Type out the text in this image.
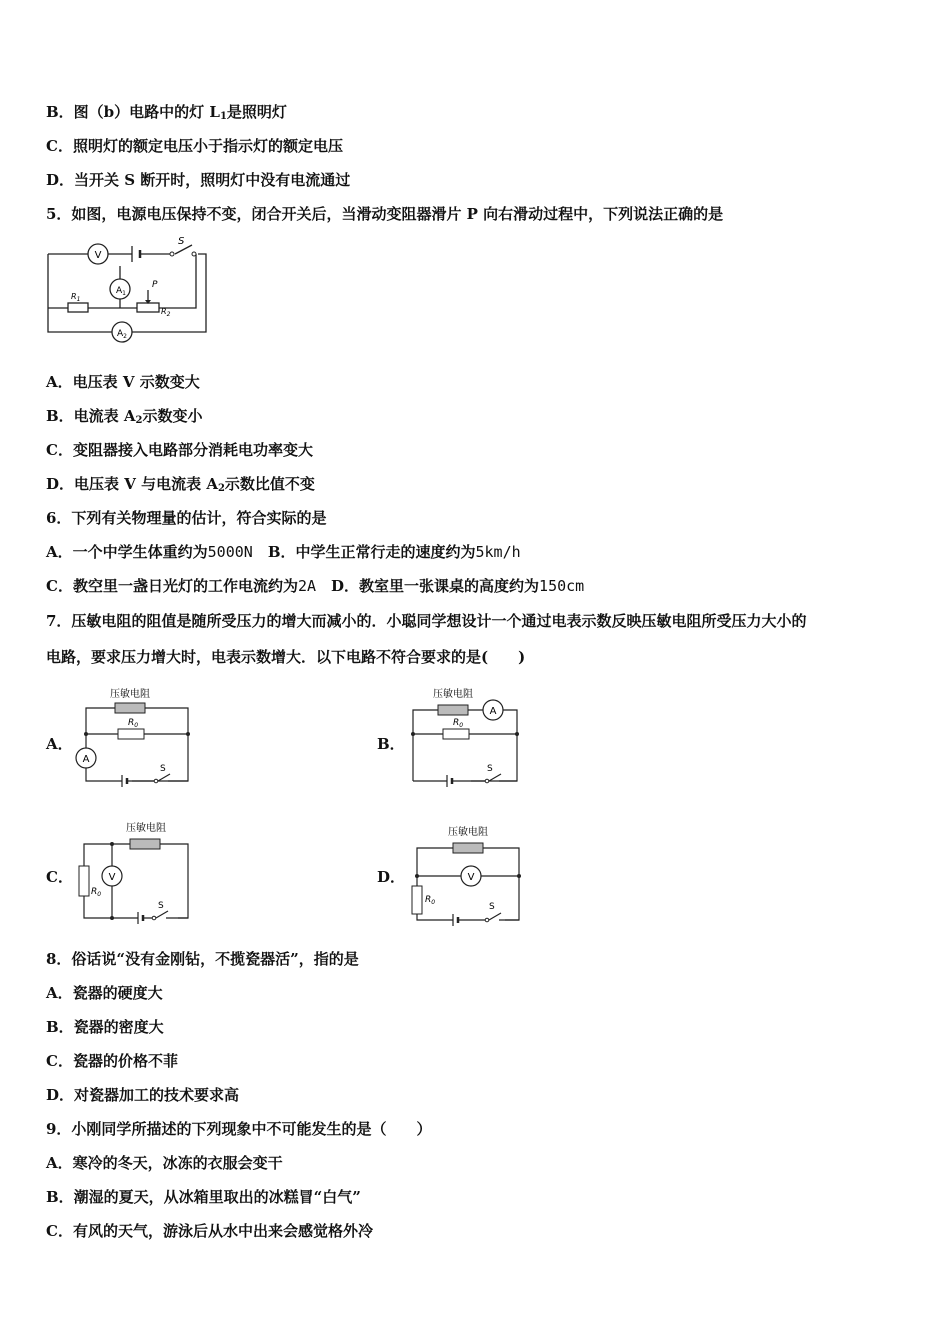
B．图（b）电路中的灯 $L_1$是照明灯
C．照明灯的额定电压小于指示灯的额定电压
D．当开关 S 断开时，照明灯中没有电流通过
5．如图，电源电压保持不变，闭合开关后，当滑动变阻器滑片 P 向右滑动过程中，下列说法正确的是
V
S
$A_1$
$R_1$
P
$R_2$
$A_2$
A．电压表 V 示数变大
B．电流表 $A_2$示数变小
C．变阻器接入电路部分消耗电功率变大
D．电压表 V 与电流表 $A_2$示数比值不变
6．下列有关物理量的估计，符合实际的是
A．一个中学生体重约为5000N　 B．中学生正常行走的速度约为5km/h
C．教空里一盏日光灯的工作电流约为2A　 D．教室里一张课桌的高度约为150cm
7．压敏电阻的阻值是随所受压力的增大而减小的．小聪同学想设计一个通过电表示数反映压敏电阻所受压力大小的
电路，要求压力增大时，电表示数增大．以下电路不符合要求的是(　　)
A．
压敏电阻
$R_0$
A
S
B．
压敏电阻
A
$R_0$
S
C．
压敏电阻
$R_0$
V
S
D．
压敏电阻
V
$R_0$	S
8．俗话说“没有金刚钻，不揽瓷器活”，指的是
A．瓷器的硬度大
B．瓷器的密度大
C．瓷器的价格不菲
D．对瓷器加工的技术要求高
9．小刚同学所描述的下列现象中不可能发生的是（　　）
A．寒冷的冬天，冰冻的衣服会变干
B．潮湿的夏天，从冰箱里取出的冰糕冒“白气”
C．有风的天气，游泳后从水中出来会感觉格外冷
